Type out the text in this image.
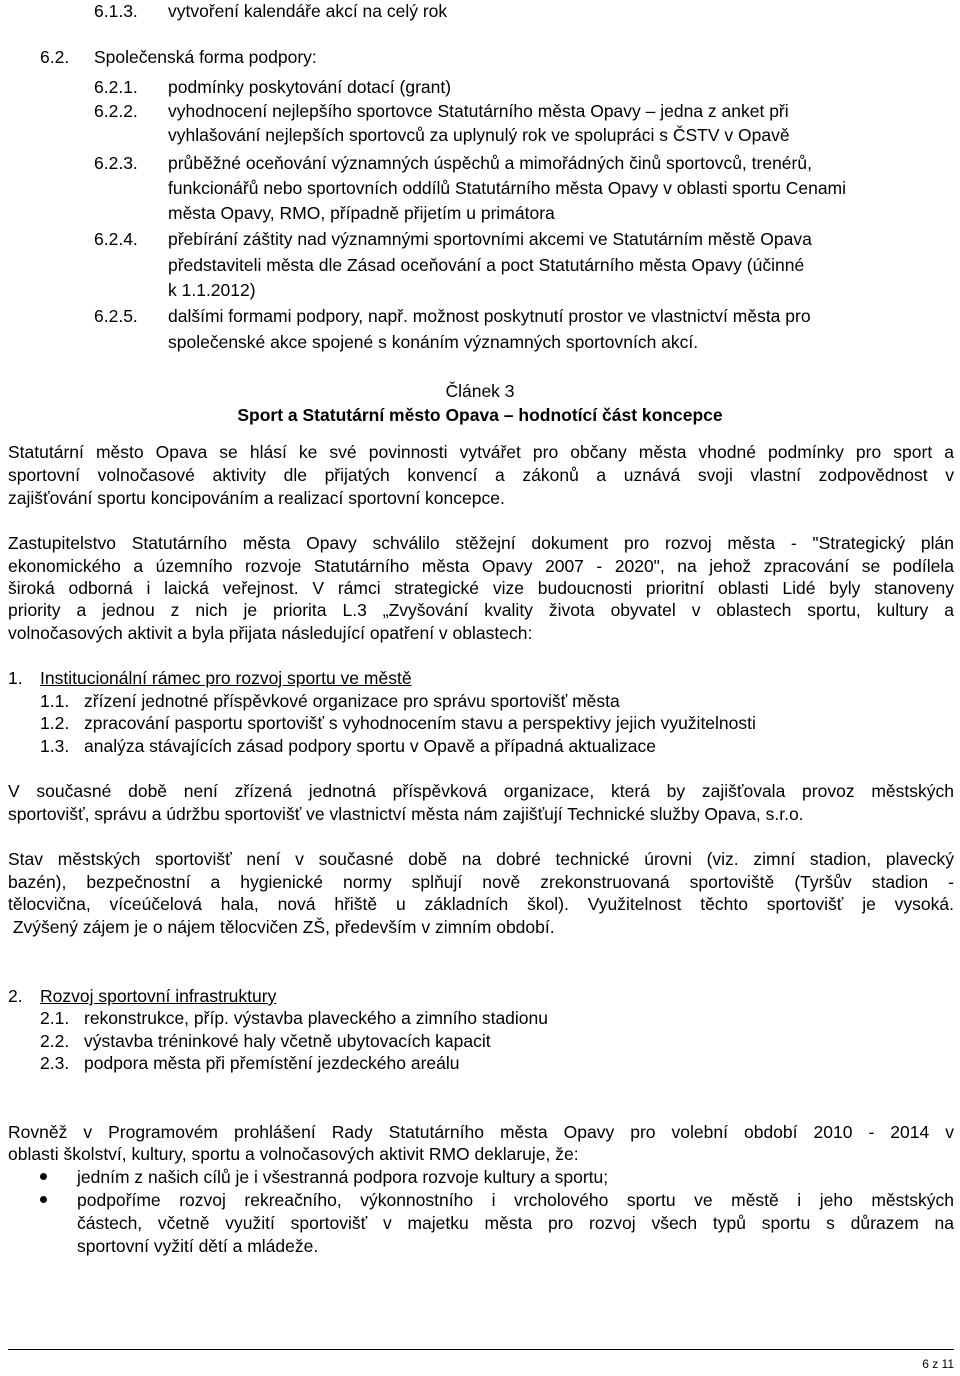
6.1.3. vytvoření kalendáře akcí na celý rok
6.2. Společenská forma podpory:
6.2.1. podmínky poskytování dotací (grant)
6.2.2. vyhodnocení nejlepšího sportovce Statutárního města Opavy – jedna z anket při
vyhlašování nejlepších sportovců za uplynulý rok ve spolupráci s ČSTV v Opavě
6.2.3. průběžné oceňování významných úspěchů a mimořádných činů sportovců, trenérů,
funkcionářů nebo sportovních oddílů Statutárního města Opavy v oblasti sportu Cenami
města Opavy, RMO, případně přijetím u primátora
6.2.4. přebírání záštity nad významnými sportovními akcemi ve Statutárním městě Opava
představiteli města dle Zásad oceňování a poct Statutárního města Opavy (účinné
k 1.1.2012)
6.2.5. dalšími formami podpory, např. možnost poskytnutí prostor ve vlastnictví města pro
společenské akce spojené s konáním významných sportovních akcí.
Článek 3
Sport a Statutární město Opava – hodnotící část koncepce
Statutární město Opava se hlásí ke své povinnosti vytvářet pro občany města vhodné podmínky pro sport a
sportovní volnočasové aktivity dle přijatých konvencí a zákonů a uznává svoji vlastní zodpovědnost v
zajišťování sportu koncipováním a realizací sportovní koncepce.
Zastupitelstvo Statutárního města Opavy schválilo stěžejní dokument pro rozvoj města - "Strategický plán
ekonomického a územního rozvoje Statutárního města Opavy 2007 - 2020", na jehož zpracování se podílela
široká odborná i laická veřejnost. V rámci strategické vize budoucnosti prioritní oblasti Lidé byly stanoveny
priority a jednou z nich je priorita L.3 „Zvyšování kvality života obyvatel v oblastech sportu, kultury a
volnočasových aktivit a byla přijata následující opatření v oblastech:
1. Institucionální rámec pro rozvoj sportu ve městě
1.1. zřízení jednotné příspěvkové organizace pro správu sportovišť města
1.2. zpracování pasportu sportovišť s vyhodnocením stavu a perspektivy jejich využitelnosti
1.3. analýza stávajících zásad podpory sportu v Opavě a případná aktualizace
V současné době není zřízená jednotná příspěvková organizace, která by zajišťovala provoz městských
sportovišť, správu a údržbu sportovišť ve vlastnictví města nám zajišťují Technické služby Opava, s.r.o.
Stav městských sportovišť není v současné době na dobré technické úrovni (viz. zimní stadion, plavecký
bazén), bezpečnostní a hygienické normy splňují nově zrekonstruovaná sportoviště (Tyršův stadion -
tělocvična, víceúčelová hala, nová hřiště u základních škol). Využitelnost těchto sportovišť je vysoká.
Zvýšený zájem je o nájem tělocvičen ZŠ, především v zimním období.
2. Rozvoj sportovní infrastruktury
2.1. rekonstrukce, příp. výstavba plaveckého a zimního stadionu
2.2. výstavba tréninkové haly včetně ubytovacích kapacit
2.3. podpora města při přemístění jezdeckého areálu
Rovněž v Programovém prohlášení Rady Statutárního města Opavy pro volební období 2010 - 2014 v
oblasti školství, kultury, sportu a volnočasových aktivit RMO deklaruje, že:
jedním z našich cílů je i všestranná podpora rozvoje kultury a sportu;
podpoříme rozvoj rekreačního, výkonnostního i vrcholového sportu ve městě i jeho městských
částech, včetně využití sportovišť v majetku města pro rozvoj všech typů sportu s důrazem na
sportovní vyžití dětí a mládeže.
6 z 11
